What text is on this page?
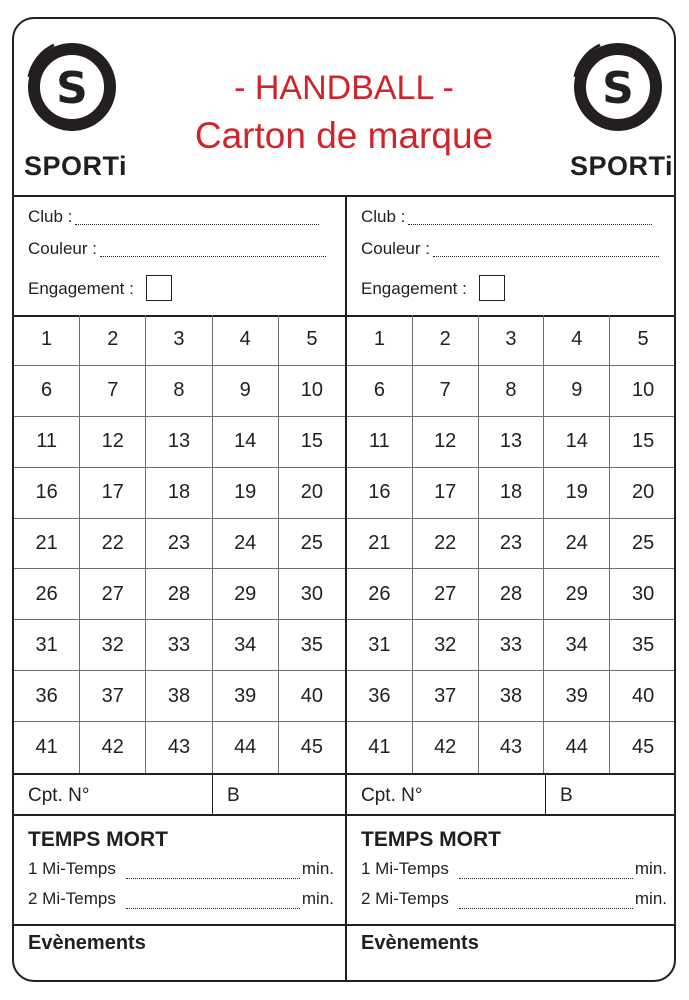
S
SPORTi
- HANDBALL -
Carton de marque
S
SPORTi
Club :
Couleur :
Engagement :
1	2	3	4	5
6	7	8	9	10
11	12	13	14	15
16	17	18	19	20
21	22	23	24	25
26	27	28	29	30
31	32	33	34	35
36	37	38	39	40
41	42	43	44	45
Cpt. N°	B
TEMPS MORT
1 Mi-Temps	min.
2 Mi-Temps	min.
Evènements
Club :
Couleur :
Engagement :
1	2	3	4	5
6	7	8	9	10
11	12	13	14	15
16	17	18	19	20
21	22	23	24	25
26	27	28	29	30
31	32	33	34	35
36	37	38	39	40
41	42	43	44	45
Cpt. N°	B
TEMPS MORT
1 Mi-Temps	min.
2 Mi-Temps	min.
Evènements
